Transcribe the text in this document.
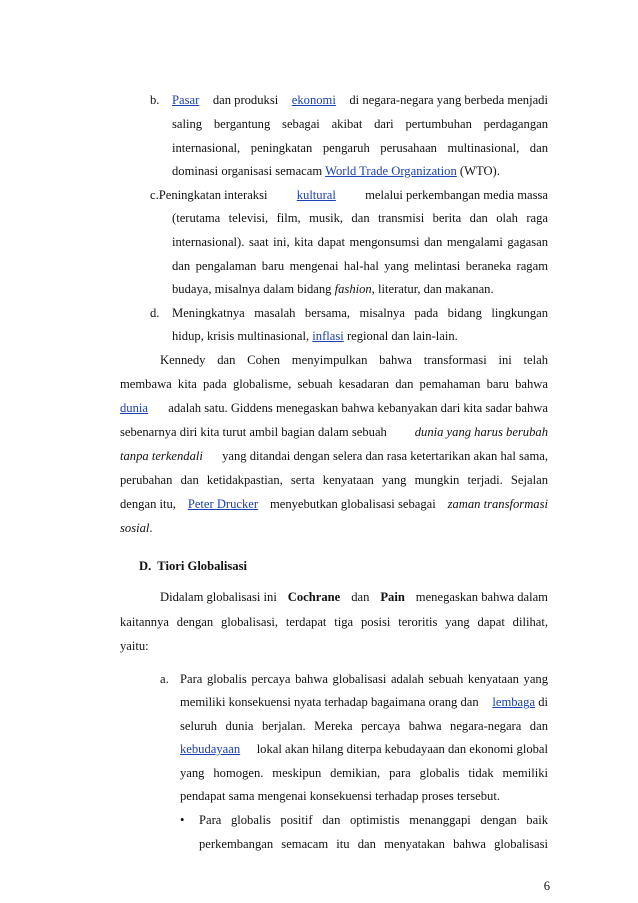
b. Pasar dan produksi ekonomi di negara-negara yang berbeda menjadi
saling bergantung sebagai akibat dari pertumbuhan perdagangan
internasional, peningkatan pengaruh perusahaan multinasional, dan
dominasi organisasi semacam World Trade Organization (WTO).
c.Peningkatan interaksi kultural melalui perkembangan media massa
(terutama televisi, film, musik, dan transmisi berita dan olah raga
internasional). saat ini, kita dapat mengonsumsi dan mengalami gagasan
dan pengalaman baru mengenai hal-hal yang melintasi beraneka ragam
budaya, misalnya dalam bidang fashion, literatur, dan makanan.
d. Meningkatnya masalah bersama, misalnya pada bidang lingkungan
hidup, krisis multinasional, inflasi regional dan lain-lain.
Kennedy dan Cohen menyimpulkan bahwa transformasi ini telah
membawa kita pada globalisme, sebuah kesadaran dan pemahaman baru bahwa
dunia adalah satu. Giddens menegaskan bahwa kebanyakan dari kita sadar bahwa
sebenarnya diri kita turut ambil bagian dalam sebuah dunia yang harus berubah
tanpa terkendali yang ditandai dengan selera dan rasa ketertarikan akan hal sama,
perubahan dan ketidakpastian, serta kenyataan yang mungkin terjadi. Sejalan
dengan itu, Peter Drucker menyebutkan globalisasi sebagai zaman transformasi
sosial.
D.  Tiori Globalisasi
Didalam globalisasi ini Cochrane dan Pain menegaskan bahwa dalam
kaitannya dengan globalisasi, terdapat tiga posisi teroritis yang dapat dilihat,
yaitu:
a. Para globalis percaya bahwa globalisasi adalah sebuah kenyataan yang
memiliki konsekuensi nyata terhadap bagaimana orang dan lembaga di
seluruh dunia berjalan. Mereka percaya bahwa negara-negara dan
kebudayaan lokal akan hilang diterpa kebudayaan dan ekonomi global
yang homogen. meskipun demikian, para globalis tidak memiliki
pendapat sama mengenai konsekuensi terhadap proses tersebut.
• Para globalis positif dan optimistis menanggapi dengan baik
perkembangan semacam itu dan menyatakan bahwa globalisasi
6
